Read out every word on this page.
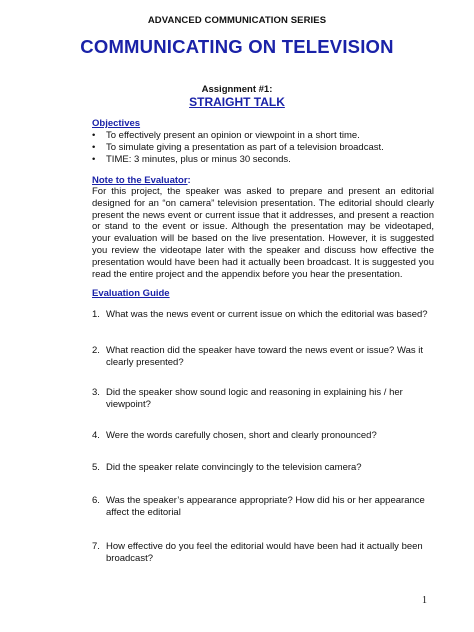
ADVANCED COMMUNICATION SERIES
COMMUNICATING ON TELEVISION
Assignment #1:
STRAIGHT TALK
Objectives
• To effectively present an opinion or viewpoint in a short time.
• To simulate giving a presentation as part of a television broadcast.
• TIME: 3 minutes, plus or minus 30 seconds.
Note to the Evaluator:
For this project, the speaker was asked to prepare and present an editorial designed for an “on camera” television presentation. The editorial should clearly present the news event or current issue that it addresses, and present a reaction or stand to the event or issue. Although the presentation may be videotaped, your evaluation will be based on the live presentation. However, it is suggested you review the videotape later with the speaker and discuss how effective the presentation would have been had it actually been broadcast. It is suggested you read the entire project and the appendix before you hear the presentation.
Evaluation Guide
1. What was the news event or current issue on which the editorial was based?
2. What reaction did the speaker have toward the news event or issue? Was it clearly presented?
3. Did the speaker show sound logic and reasoning in explaining his / her viewpoint?
4. Were the words carefully chosen, short and clearly pronounced?
5. Did the speaker relate convincingly to the television camera?
6. Was the speaker’s appearance appropriate? How did his or her appearance affect the editorial
7. How effective do you feel the editorial would have been had it actually been broadcast?
1
